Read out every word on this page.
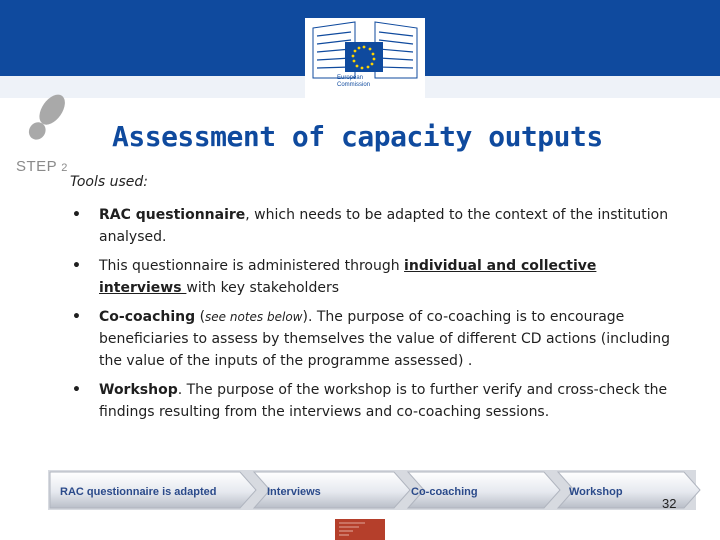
European
Commission
STEP 2
Assessment of capacity outputs
Tools used:
• RAC questionnaire, which needs to be adapted to the context of the institution analysed.
• This questionnaire is administered through individual and collective interviews with key stakeholders
• Co-coaching (see notes below). The purpose of co-coaching is to encourage beneficiaries to assess by themselves the value of different CD actions (including the value of the inputs of the programme assessed) .
• Workshop. The purpose of the workshop is to further verify and cross-check the findings resulting from the interviews and co-coaching sessions.
RAC questionnaire is adapted	Interviews	Co-coaching	Workshop
32
